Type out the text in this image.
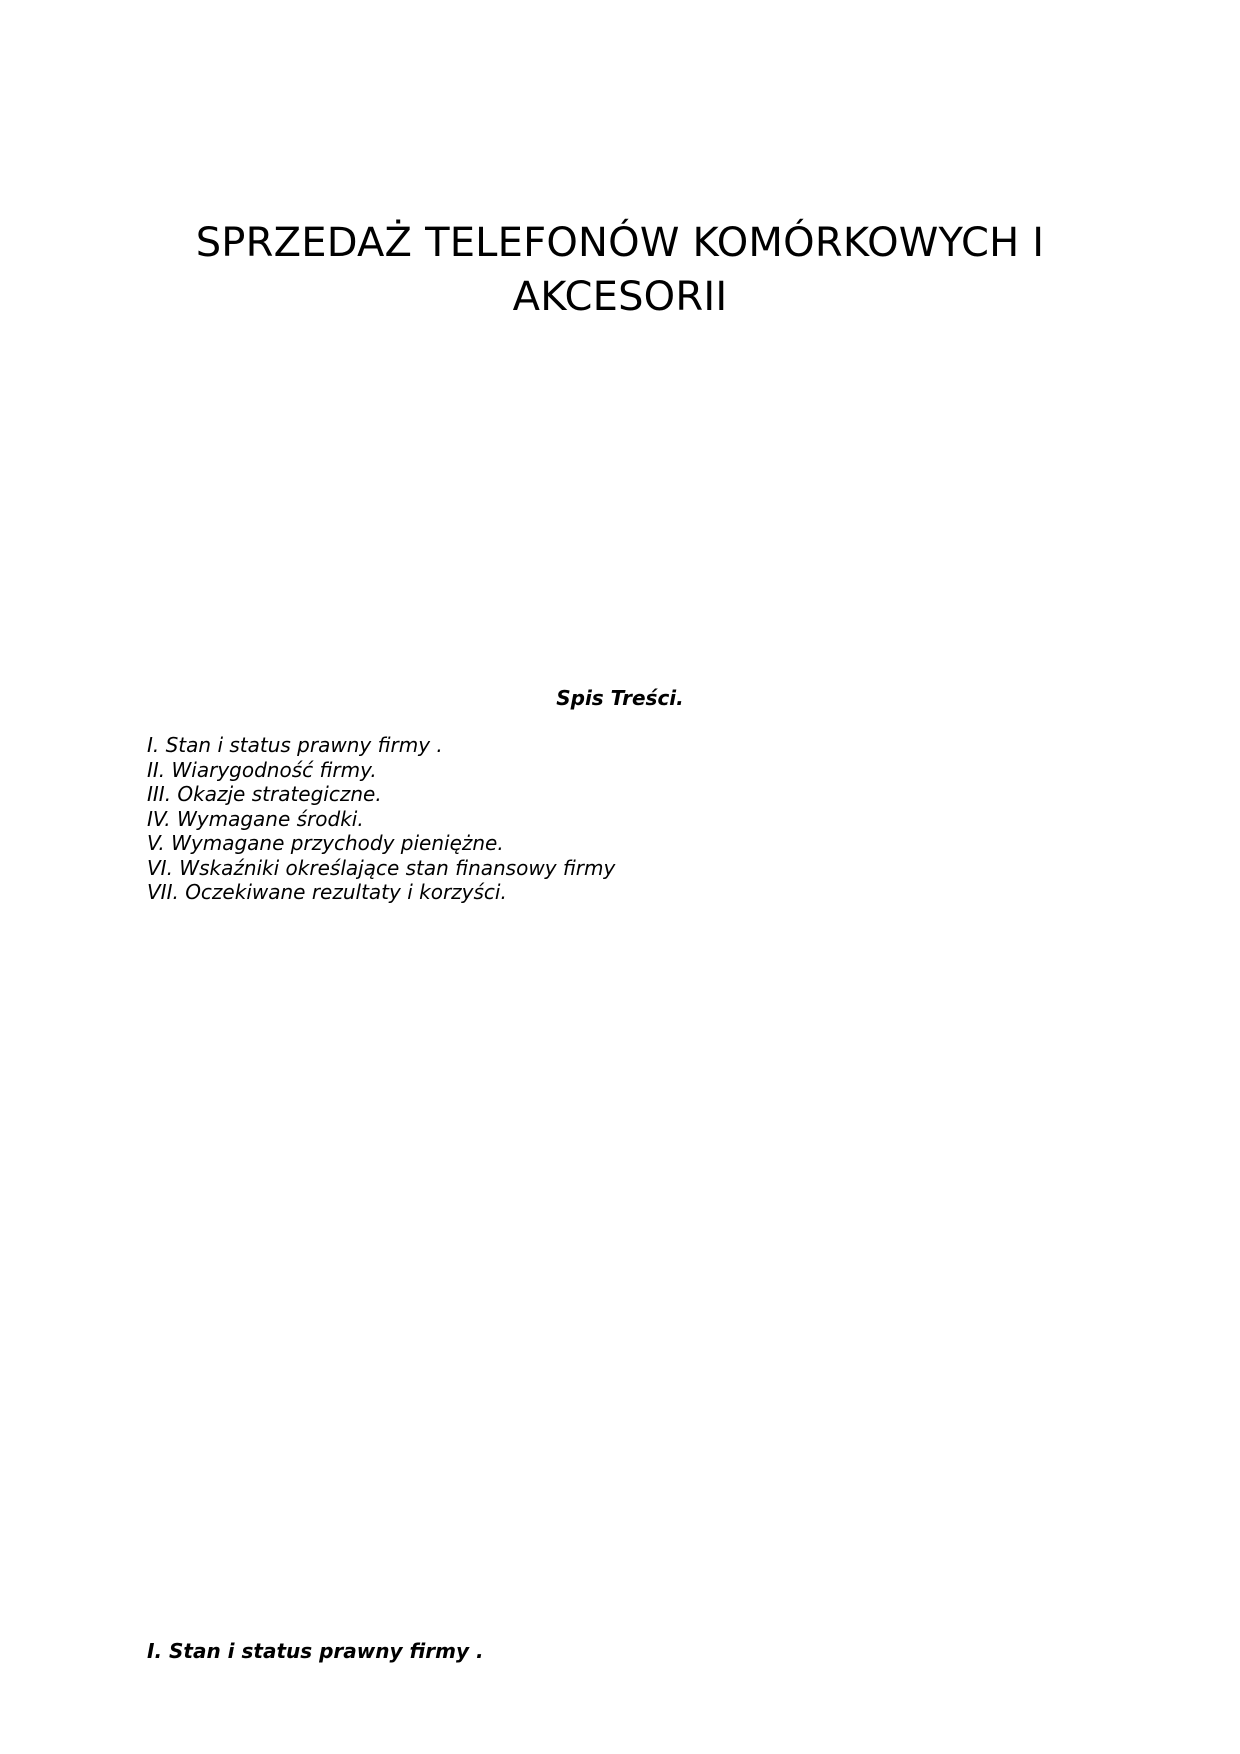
SPRZEDAŻ TELEFONÓW KOMÓRKOWYCH I
AKCESORII
Spis Treści.
I. Stan i status prawny firmy .
II. Wiarygodność firmy.
III. Okazje strategiczne.
IV. Wymagane środki.
V. Wymagane przychody pieniężne.
VI. Wskaźniki określające stan finansowy firmy
VII. Oczekiwane rezultaty i korzyści.
I. Stan i status prawny firmy .
